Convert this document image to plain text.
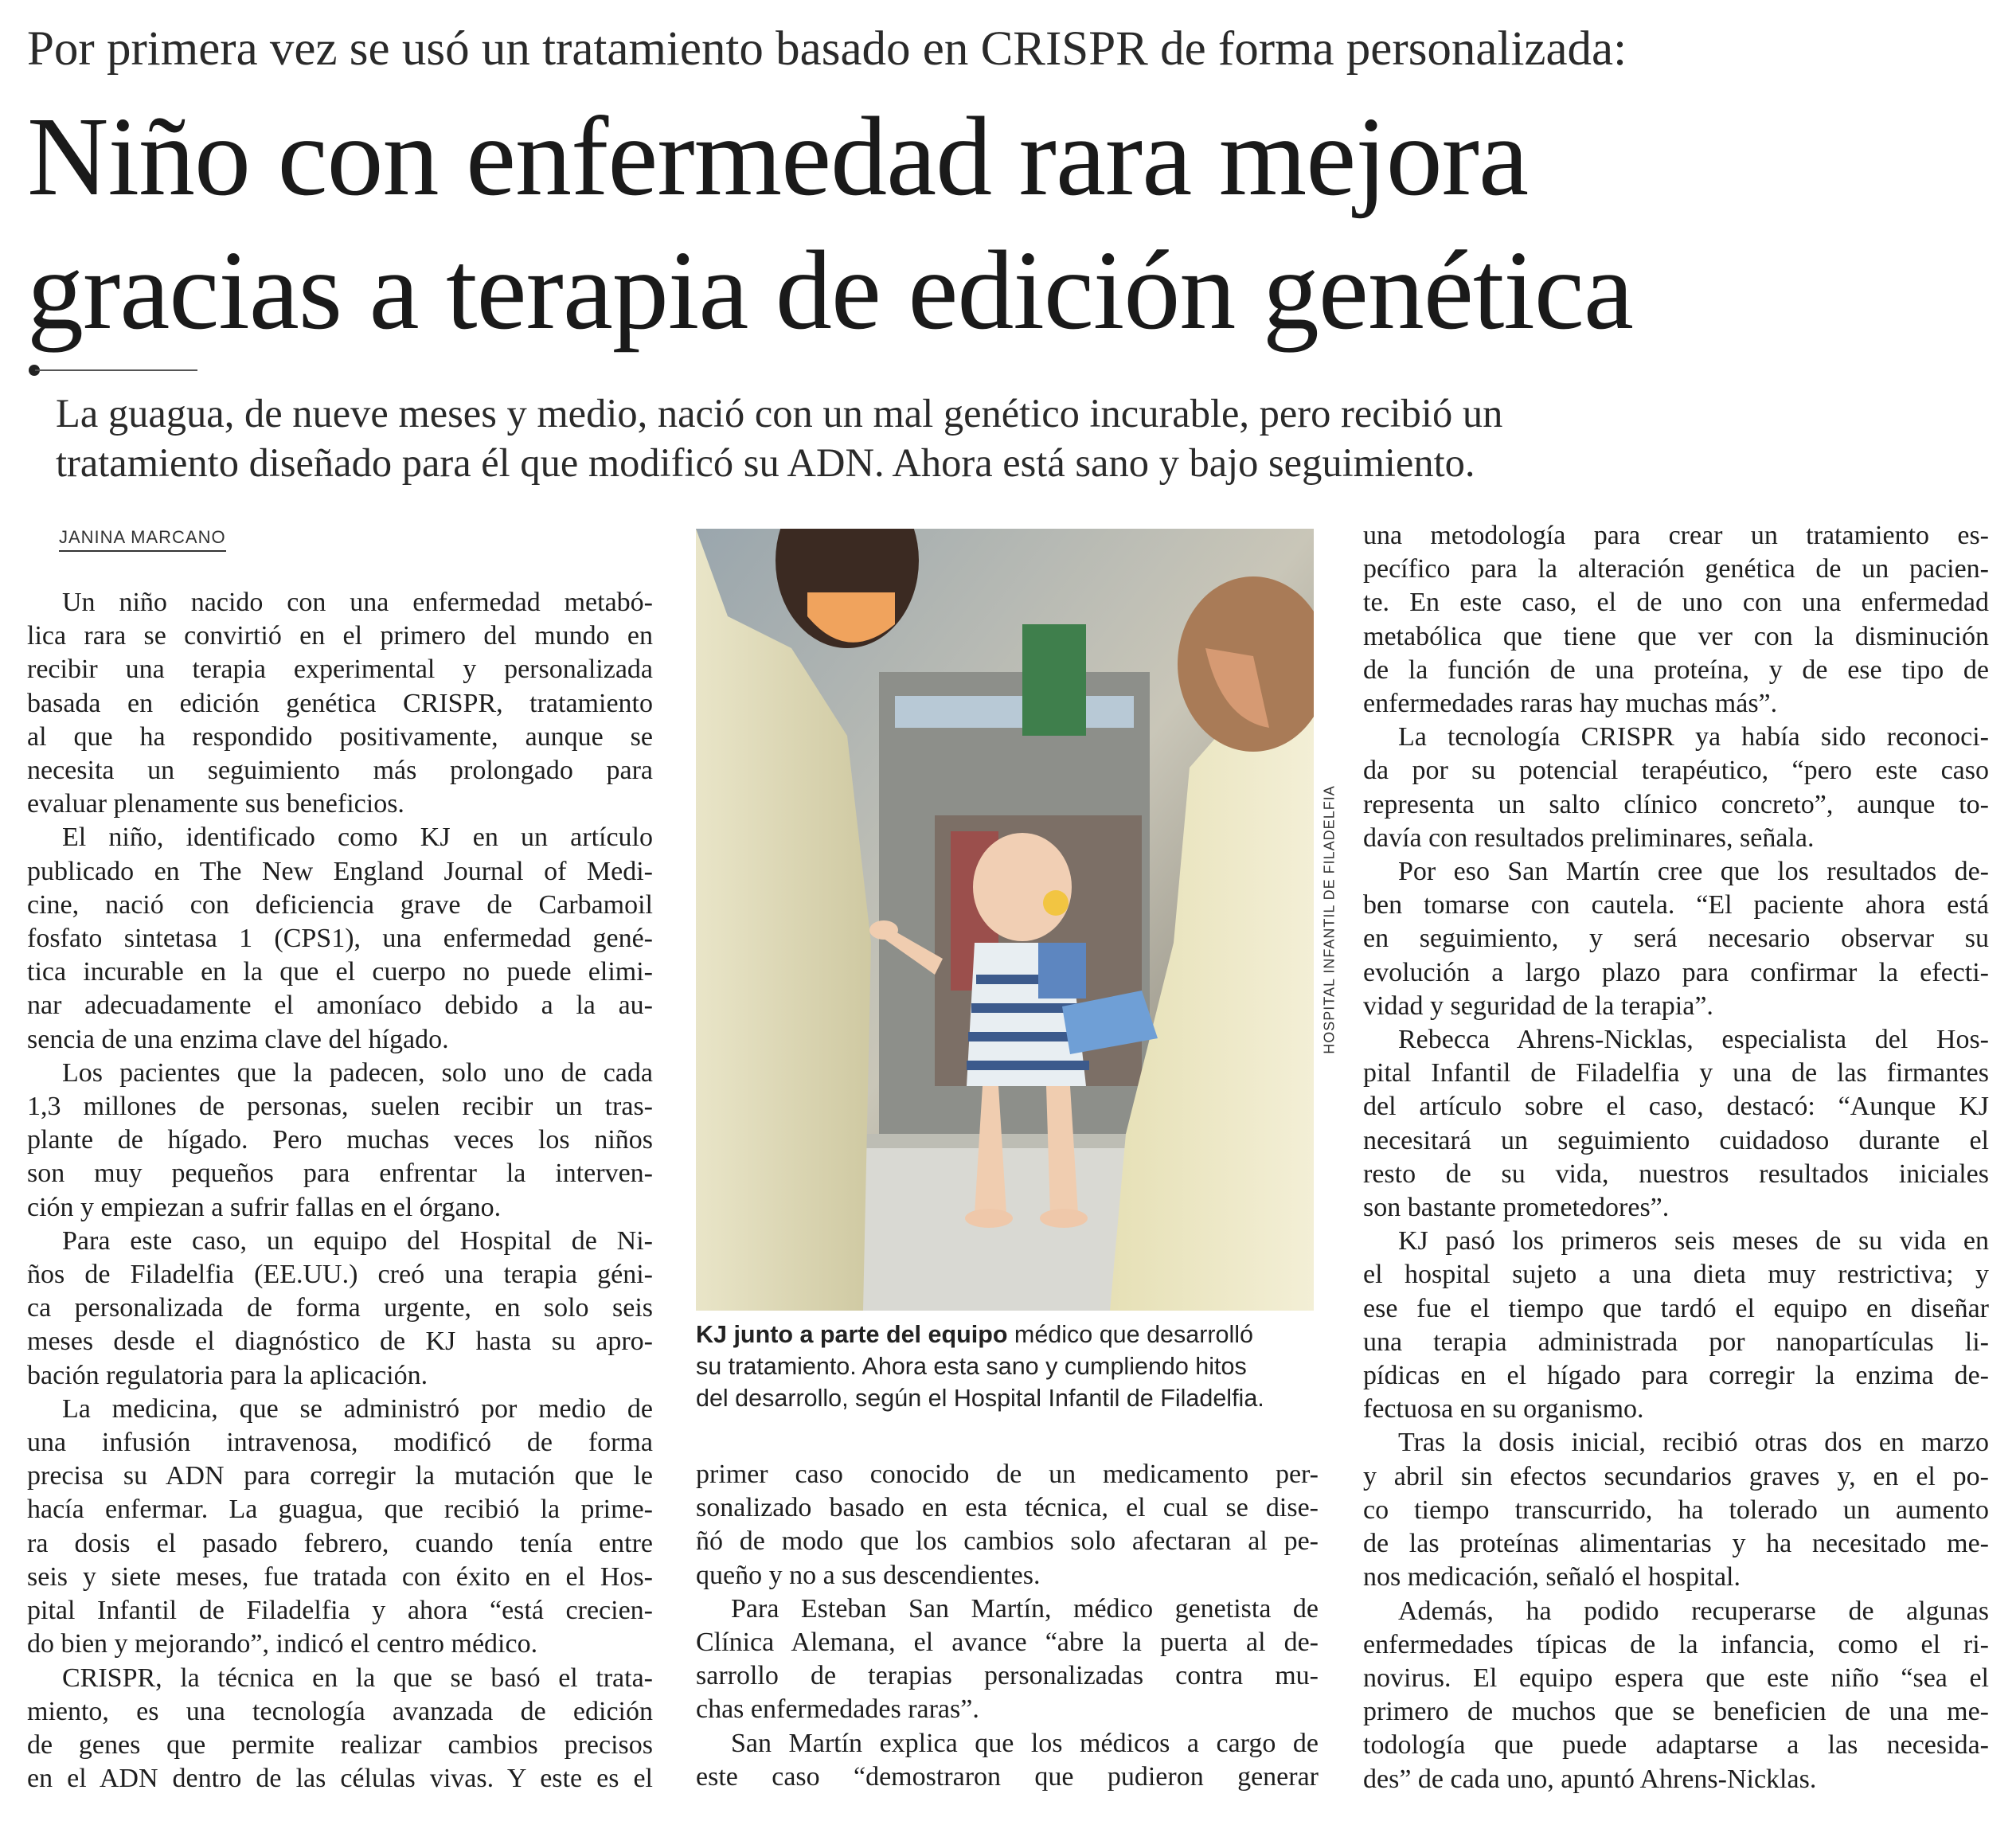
Por primera vez se usó un tratamiento basado en CRISPR de forma personalizada:
Niño con enfermedad rara mejora
gracias a terapia de edición genética
La guagua, de nueve meses y medio, nació con un mal genético incurable, pero recibió un
tratamiento diseñado para él que modificó su ADN. Ahora está sano y bajo seguimiento.
JANINA MARCANO
Un niño nacido con una enfermedad metabó-
lica rara se convirtió en el primero del mundo en
recibir una terapia experimental y personalizada
basada en edición genética CRISPR, tratamiento
al que ha respondido positivamente, aunque se
necesita un seguimiento más prolongado para
evaluar plenamente sus beneficios.
El niño, identificado como KJ en un artículo
publicado en The New England Journal of Medi-
cine, nació con deficiencia grave de Carbamoil
fosfato sintetasa 1 (CPS1), una enfermedad gené-
tica incurable en la que el cuerpo no puede elimi-
nar adecuadamente el amoníaco debido a la au-
sencia de una enzima clave del hígado.
Los pacientes que la padecen, solo uno de cada
1,3 millones de personas, suelen recibir un tras-
plante de hígado. Pero muchas veces los niños
son muy pequeños para enfrentar la interven-
ción y empiezan a sufrir fallas en el órgano.
Para este caso, un equipo del Hospital de Ni-
ños de Filadelfia (EE.UU.) creó una terapia géni-
ca personalizada de forma urgente, en solo seis
meses desde el diagnóstico de KJ hasta su apro-
bación regulatoria para la aplicación.
La medicina, que se administró por medio de
una infusión intravenosa, modificó de forma
precisa su ADN para corregir la mutación que le
hacía enfermar. La guagua, que recibió la prime-
ra dosis el pasado febrero, cuando tenía entre
seis y siete meses, fue tratada con éxito en el Hos-
pital Infantil de Filadelfia y ahora “está crecien-
do bien y mejorando”, indicó el centro médico.
CRISPR, la técnica en la que se basó el trata-
miento, es una tecnología avanzada de edición
de genes que permite realizar cambios precisos
en el ADN dentro de las células vivas. Y este es el
HOSPITAL INFANTIL DE FILADELFIA
KJ junto a parte del equipo médico que desarrolló
su tratamiento. Ahora esta sano y cumpliendo hitos
del desarrollo, según el Hospital Infantil de Filadelfia.
primer caso conocido de un medicamento per-
sonalizado basado en esta técnica, el cual se dise-
ñó de modo que los cambios solo afectaran al pe-
queño y no a sus descendientes.
Para Esteban San Martín, médico genetista de
Clínica Alemana, el avance “abre la puerta al de-
sarrollo de terapias personalizadas contra mu-
chas enfermedades raras”.
San Martín explica que los médicos a cargo de
este caso “demostraron que pudieron generar
una metodología para crear un tratamiento es-
pecífico para la alteración genética de un pacien-
te. En este caso, el de uno con una enfermedad
metabólica que tiene que ver con la disminución
de la función de una proteína, y de ese tipo de
enfermedades raras hay muchas más”.
La tecnología CRISPR ya había sido reconoci-
da por su potencial terapéutico, “pero este caso
representa un salto clínico concreto”, aunque to-
davía con resultados preliminares, señala.
Por eso San Martín cree que los resultados de-
ben tomarse con cautela. “El paciente ahora está
en seguimiento, y será necesario observar su
evolución a largo plazo para confirmar la efecti-
vidad y seguridad de la terapia”.
Rebecca Ahrens-Nicklas, especialista del Hos-
pital Infantil de Filadelfia y una de las firmantes
del artículo sobre el caso, destacó: “Aunque KJ
necesitará un seguimiento cuidadoso durante el
resto de su vida, nuestros resultados iniciales
son bastante prometedores”.
KJ pasó los primeros seis meses de su vida en
el hospital sujeto a una dieta muy restrictiva; y
ese fue el tiempo que tardó el equipo en diseñar
una terapia administrada por nanopartículas li-
pídicas en el hígado para corregir la enzima de-
fectuosa en su organismo.
Tras la dosis inicial, recibió otras dos en marzo
y abril sin efectos secundarios graves y, en el po-
co tiempo transcurrido, ha tolerado un aumento
de las proteínas alimentarias y ha necesitado me-
nos medicación, señaló el hospital.
Además, ha podido recuperarse de algunas
enfermedades típicas de la infancia, como el ri-
novirus. El equipo espera que este niño “sea el
primero de muchos que se beneficien de una me-
todología que puede adaptarse a las necesida-
des” de cada uno, apuntó Ahrens-Nicklas.
